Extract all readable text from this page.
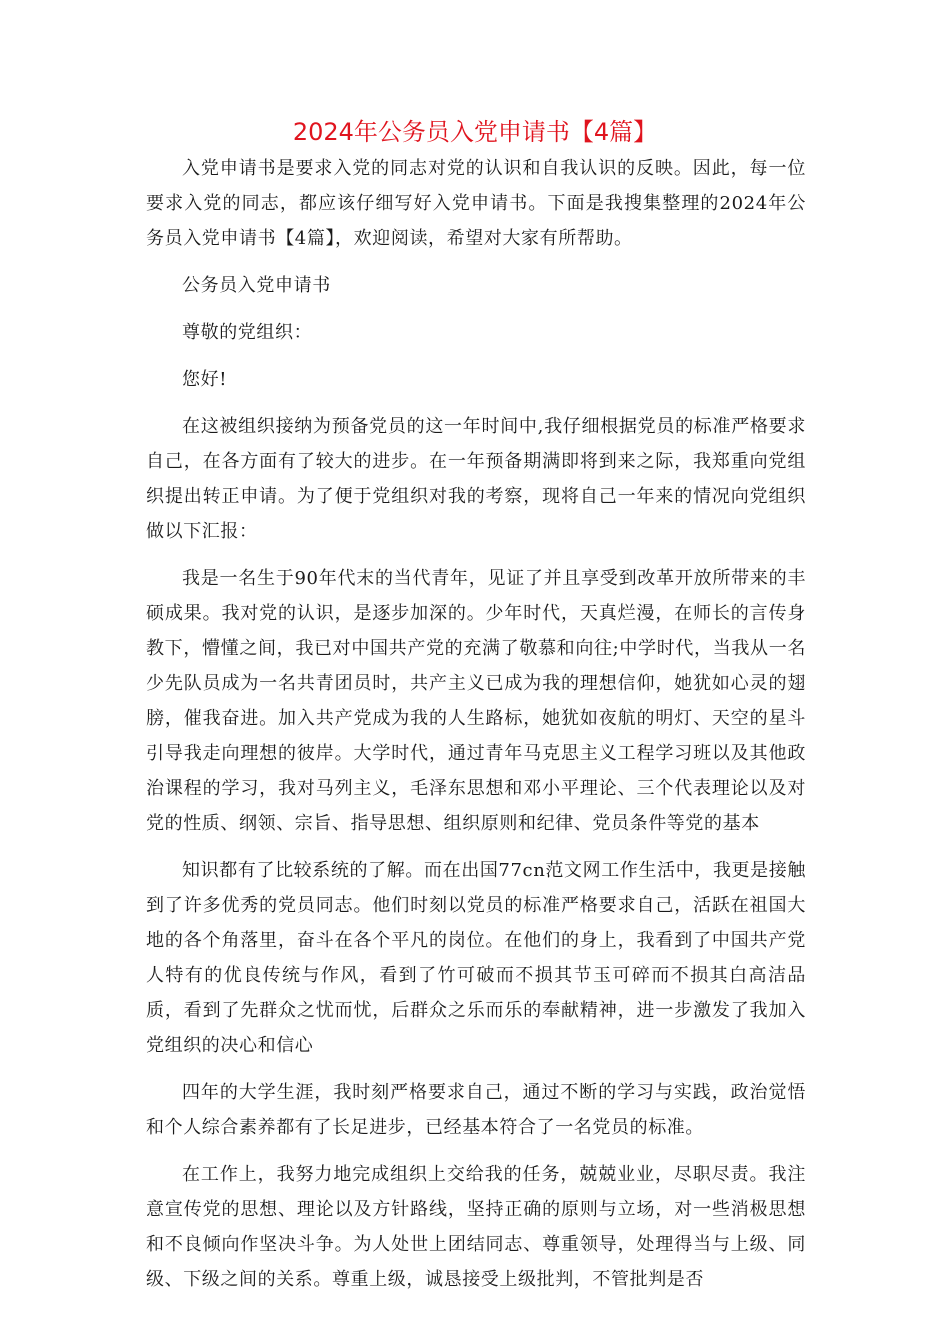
2024年公务员入党申请书【4篇】

入党申请书是要求入党的同志对党的认识和自我认识的反映。因此，每一位要求入党的同志，都应该仔细写好入党申请书。下面是我搜集整理的2024年公务员入党申请书【4篇】，欢迎阅读，希望对大家有所帮助。

公务员入党申请书

尊敬的党组织：

您好!

在这被组织接纳为预备党员的这一年时间中,我仔细根据党员的标准严格要求自己，在各方面有了较大的进步。在一年预备期满即将到来之际，我郑重向党组织提出转正申请。为了便于党组织对我的考察，现将自己一年来的情况向党组织做以下汇报：

我是一名生于90年代末的当代青年，见证了并且享受到改革开放所带来的丰硕成果。我对党的认识，是逐步加深的。少年时代，天真烂漫，在师长的言传身教下，懵懂之间，我已对中国共产党的充满了敬慕和向往;中学时代，当我从一名少先队员成为一名共青团员时，共产主义已成为我的理想信仰，她犹如心灵的翅膀，催我奋进。加入共产党成为我的人生路标，她犹如夜航的明灯、天空的星斗引导我走向理想的彼岸。大学时代，通过青年马克思主义工程学习班以及其他政治课程的学习，我对马列主义，毛泽东思想和邓小平理论、三个代表理论以及对党的性质、纲领、宗旨、指导思想、组织原则和纪律、党员条件等党的基本

知识都有了比较系统的了解。而在出国77cn范文网工作生活中，我更是接触到了许多优秀的党员同志。他们时刻以党员的标准严格要求自己，活跃在祖国大地的各个角落里，奋斗在各个平凡的岗位。在他们的身上，我看到了中国共产党人特有的优良传统与作风，看到了竹可破而不损其节玉可碎而不损其白高洁品质，看到了先群众之忧而忧，后群众之乐而乐的奉献精神，进一步激发了我加入党组织的决心和信心

四年的大学生涯，我时刻严格要求自己，通过不断的学习与实践，政治觉悟和个人综合素养都有了长足进步，已经基本符合了一名党员的标准。

在工作上，我努力地完成组织上交给我的任务，兢兢业业，尽职尽责。我注意宣传党的思想、理论以及方针路线，坚持正确的原则与立场，对一些消极思想和不良倾向作坚决斗争。为人处世上团结同志、尊重领导，处理得当与上级、同级、下级之间的关系。尊重上级，诚恳接受上级批判，不管批判是否
